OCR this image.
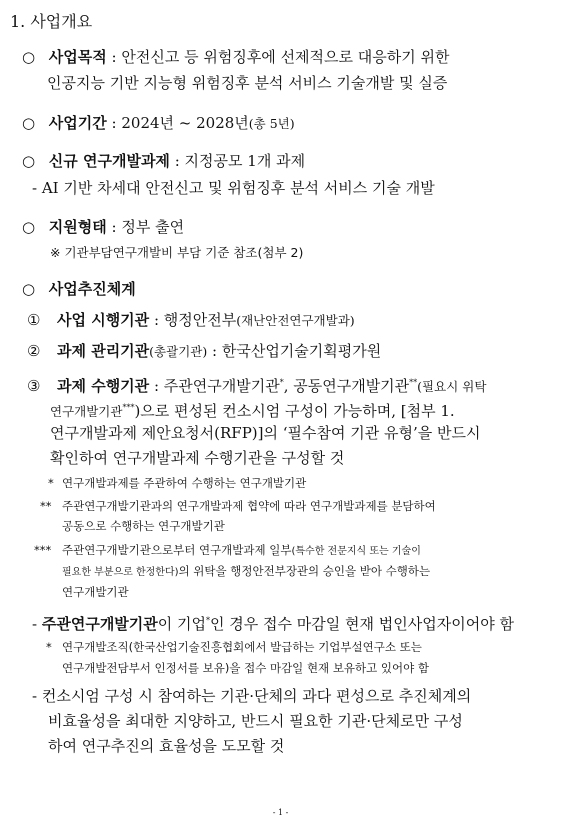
1. 사업개요
○ 사업목적 : 안전신고 등 위험징후에 선제적으로 대응하기 위한
인공지능 기반 지능형 위험징후 분석 서비스 기술개발 및 실증
○ 사업기간 : 2024년 ~ 2028년(총 5년)
○ 신규 연구개발과제 : 지정공모 1개 과제
- AI 기반 차세대 안전신고 및 위험징후 분석 서비스 기술 개발
○ 지원형태 : 정부 출연
※ 기관부담연구개발비 부담 기준 참조(첨부 2)
○ 사업추진체계
① 사업 시행기관 : 행정안전부(재난안전연구개발과)
② 과제 관리기관(총괄기관) : 한국산업기술기획평가원
③ 과제 수행기관 : 주관연구개발기관*, 공동연구개발기관**(필요시 위탁
연구개발기관***)으로 편성된 컨소시엄 구성이 가능하며, [첨부 1.
연구개발과제 제안요청서(RFP)]의 ‘필수참여 기관 유형’을 반드시
확인하여 연구개발과제 수행기관을 구성할 것
* 연구개발과제를 주관하여 수행하는 연구개발기관
** 주관연구개발기관과의 연구개발과제 협약에 따라 연구개발과제를 분담하여
공동으로 수행하는 연구개발기관
*** 주관연구개발기관으로부터 연구개발과제 일부(특수한 전문지식 또는 기술이
필요한 부분으로 한정한다)의 위탁을 행정안전부장관의 승인을 받아 수행하는
연구개발기관
- 주관연구개발기관이 기업*인 경우 접수 마감일 현재 법인사업자이어야 함
* 연구개발조직(한국산업기술진흥협회에서 발급하는 기업부설연구소 또는
연구개발전담부서 인정서를 보유)을 접수 마감일 현재 보유하고 있어야 함
- 컨소시엄 구성 시 참여하는 기관·단체의 과다 편성으로 추진체계의
비효율성을 최대한 지양하고, 반드시 필요한 기관·단체로만 구성
하여 연구추진의 효율성을 도모할 것
- 1 -
